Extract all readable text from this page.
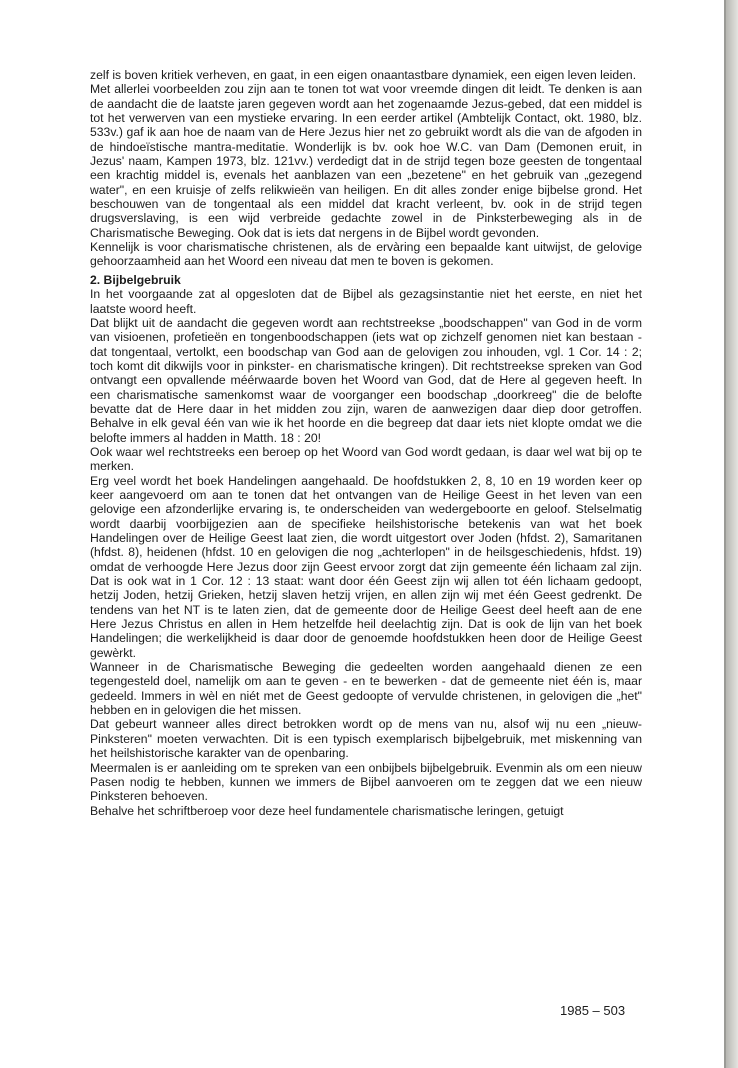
zelf is boven kritiek verheven, en gaat, in een eigen onaantastbare dynamiek, een eigen leven leiden.

Met allerlei voorbeelden zou zijn aan te tonen tot wat voor vreemde dingen dit leidt. Te denken is aan de aandacht die de laatste jaren gegeven wordt aan het zogenaamde Jezus-gebed, dat een middel is tot het verwerven van een mystieke ervaring. In een eerder artikel (Ambtelijk Contact, okt. 1980, blz. 533v.) gaf ik aan hoe de naam van de Here Jezus hier net zo gebruikt wordt als die van de afgoden in de hindoeïstische mantra-meditatie. Wonderlijk is bv. ook hoe W.C. van Dam (Demonen eruit, in Jezus' naam, Kampen 1973, blz. 121vv.) verdedigt dat in de strijd tegen boze geesten de tongentaal een krachtig middel is, evenals het aanblazen van een „bezetene" en het gebruik van „gezegend water", en een kruisje of zelfs relikwieën van heiligen. En dit alles zonder enige bijbelse grond. Het beschouwen van de tongentaal als een middel dat kracht verleent, bv. ook in de strijd tegen drugsverslaving, is een wijd verbreide gedachte zowel in de Pinksterbeweging als in de Charismatische Beweging. Ook dat is iets dat nergens in de Bijbel wordt gevonden.

Kennelijk is voor charismatische christenen, als de ervàring een bepaalde kant uitwijst, de gelovige gehoorzaamheid aan het Woord een niveau dat men te boven is gekomen.

2. Bijbelgebruik

In het voorgaande zat al opgesloten dat de Bijbel als gezagsinstantie niet het eerste, en niet het laatste woord heeft.

Dat blijkt uit de aandacht die gegeven wordt aan rechtstreekse „boodschappen" van God in de vorm van visioenen, profetieën en tongenboodschappen (iets wat op zichzelf genomen niet kan bestaan - dat tongentaal, vertolkt, een boodschap van God aan de gelovigen zou inhouden, vgl. 1 Cor. 14 : 2; toch komt dit dikwijls voor in pinkster- en charismatische kringen). Dit rechtstreekse spreken van God ontvangt een opvallende méérwaarde boven het Woord van God, dat de Here al gegeven heeft. In een charismatische samenkomst waar de voorganger een boodschap „doorkreeg" die de belofte bevatte dat de Here daar in het midden zou zijn, waren de aanwezigen daar diep door getroffen. Behalve in elk geval één van wie ik het hoorde en die begreep dat daar iets niet klopte omdat we die belofte immers al hadden in Matth. 18 : 20!

Ook waar wel rechtstreeks een beroep op het Woord van God wordt gedaan, is daar wel wat bij op te merken.

Erg veel wordt het boek Handelingen aangehaald. De hoofdstukken 2, 8, 10 en 19 worden keer op keer aangevoerd om aan te tonen dat het ontvangen van de Heilige Geest in het leven van een gelovige een afzonderlijke ervaring is, te onderscheiden van wedergeboorte en geloof. Stelselmatig wordt daarbij voorbijgezien aan de specifieke heilshistorische betekenis van wat het boek Handelingen over de Heilige Geest laat zien, die wordt uitgestort over Joden (hfdst. 2), Samaritanen (hfdst. 8), heidenen (hfdst. 10 en gelovigen die nog „achterlopen" in de heilsgeschiedenis, hfdst. 19) omdat de verhoogde Here Jezus door zijn Geest ervoor zorgt dat zijn gemeente één lichaam zal zijn. Dat is ook wat in 1 Cor. 12 : 13 staat: want door één Geest zijn wij allen tot één lichaam gedoopt, hetzij Joden, hetzij Grieken, hetzij slaven hetzij vrijen, en allen zijn wij met één Geest gedrenkt. De tendens van het NT is te laten zien, dat de gemeente door de Heilige Geest deel heeft aan de ene Here Jezus Christus en allen in Hem hetzelfde heil deelachtig zijn. Dat is ook de lijn van het boek Handelingen; die werkelijkheid is daar door de genoemde hoofdstukken heen door de Heilige Geest gewèrkt.

Wanneer in de Charismatische Beweging die gedeelten worden aangehaald dienen ze een tegengesteld doel, namelijk om aan te geven - en te bewerken - dat de gemeente niet één is, maar gedeeld. Immers in wèl en niét met de Geest gedoopte of vervulde christenen, in gelovigen die „het" hebben en in gelovigen die het missen.

Dat gebeurt wanneer alles direct betrokken wordt op de mens van nu, alsof wij nu een „nieuw-Pinksteren" moeten verwachten. Dit is een typisch exemplarisch bijbelgebruik, met miskenning van het heilshistorische karakter van de openbaring.

Meermalen is er aanleiding om te spreken van een onbijbels bijbelgebruik. Evenmin als om een nieuw Pasen nodig te hebben, kunnen we immers de Bijbel aanvoeren om te zeggen dat we een nieuw Pinksteren behoeven.

Behalve het schriftberoep voor deze heel fundamentele charismatische leringen, getuigt

1985 – 503
